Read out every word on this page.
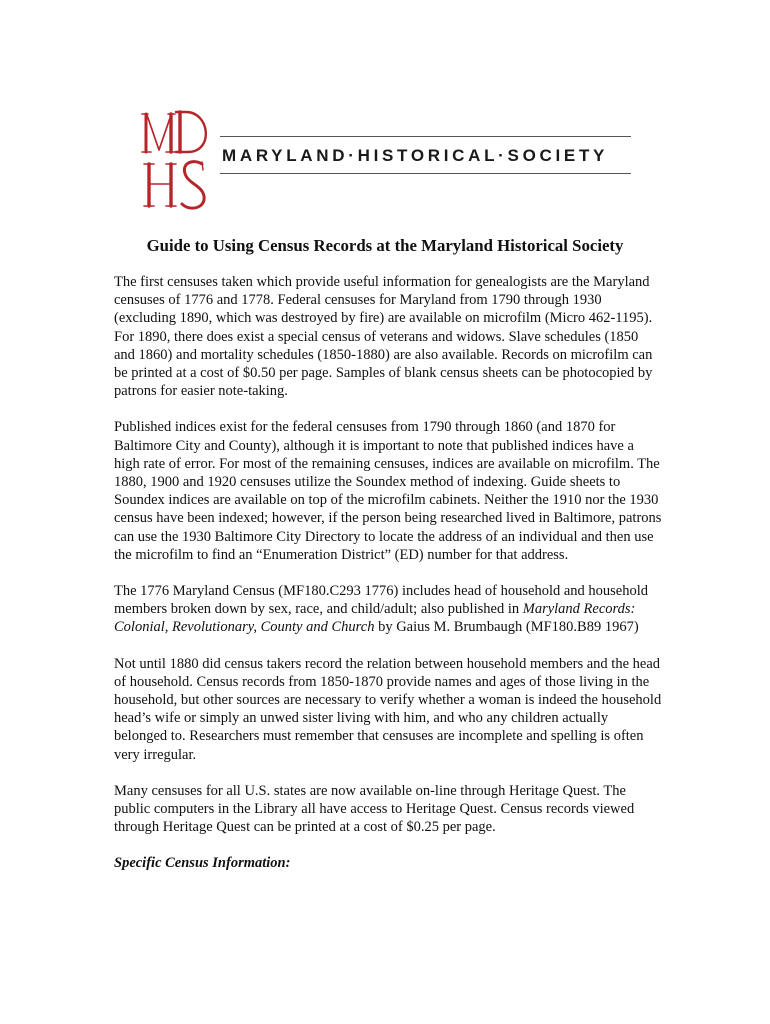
MARYLAND·HISTORICAL·SOCIETY
Guide to Using Census Records at the Maryland Historical Society

The first censuses taken which provide useful information for genealogists are the Maryland censuses of 1776 and 1778. Federal censuses for Maryland from 1790 through 1930 (excluding 1890, which was destroyed by fire) are available on microfilm (Micro 462-1195). For 1890, there does exist a special census of veterans and widows. Slave schedules (1850 and 1860) and mortality schedules (1850-1880) are also available. Records on microfilm can be printed at a cost of $0.50 per page. Samples of blank census sheets can be photocopied by patrons for easier note-taking.

Published indices exist for the federal censuses from 1790 through 1860 (and 1870 for Baltimore City and County), although it is important to note that published indices have a high rate of error. For most of the remaining censuses, indices are available on microfilm. The 1880, 1900 and 1920 censuses utilize the Soundex method of indexing. Guide sheets to Soundex indices are available on top of the microfilm cabinets. Neither the 1910 nor the 1930 census have been indexed; however, if the person being researched lived in Baltimore, patrons can use the 1930 Baltimore City Directory to locate the address of an individual and then use the microfilm to find an “Enumeration District” (ED) number for that address.

The 1776 Maryland Census (MF180.C293 1776) includes head of household and household members broken down by sex, race, and child/adult; also published in Maryland Records: Colonial, Revolutionary, County and Church by Gaius M. Brumbaugh (MF180.B89 1967)

Not until 1880 did census takers record the relation between household members and the head of household. Census records from 1850-1870 provide names and ages of those living in the household, but other sources are necessary to verify whether a woman is indeed the household head’s wife or simply an unwed sister living with him, and who any children actually belonged to. Researchers must remember that censuses are incomplete and spelling is often very irregular.

Many censuses for all U.S. states are now available on-line through Heritage Quest. The public computers in the Library all have access to Heritage Quest. Census records viewed through Heritage Quest can be printed at a cost of $0.25 per page.

Specific Census Information:
